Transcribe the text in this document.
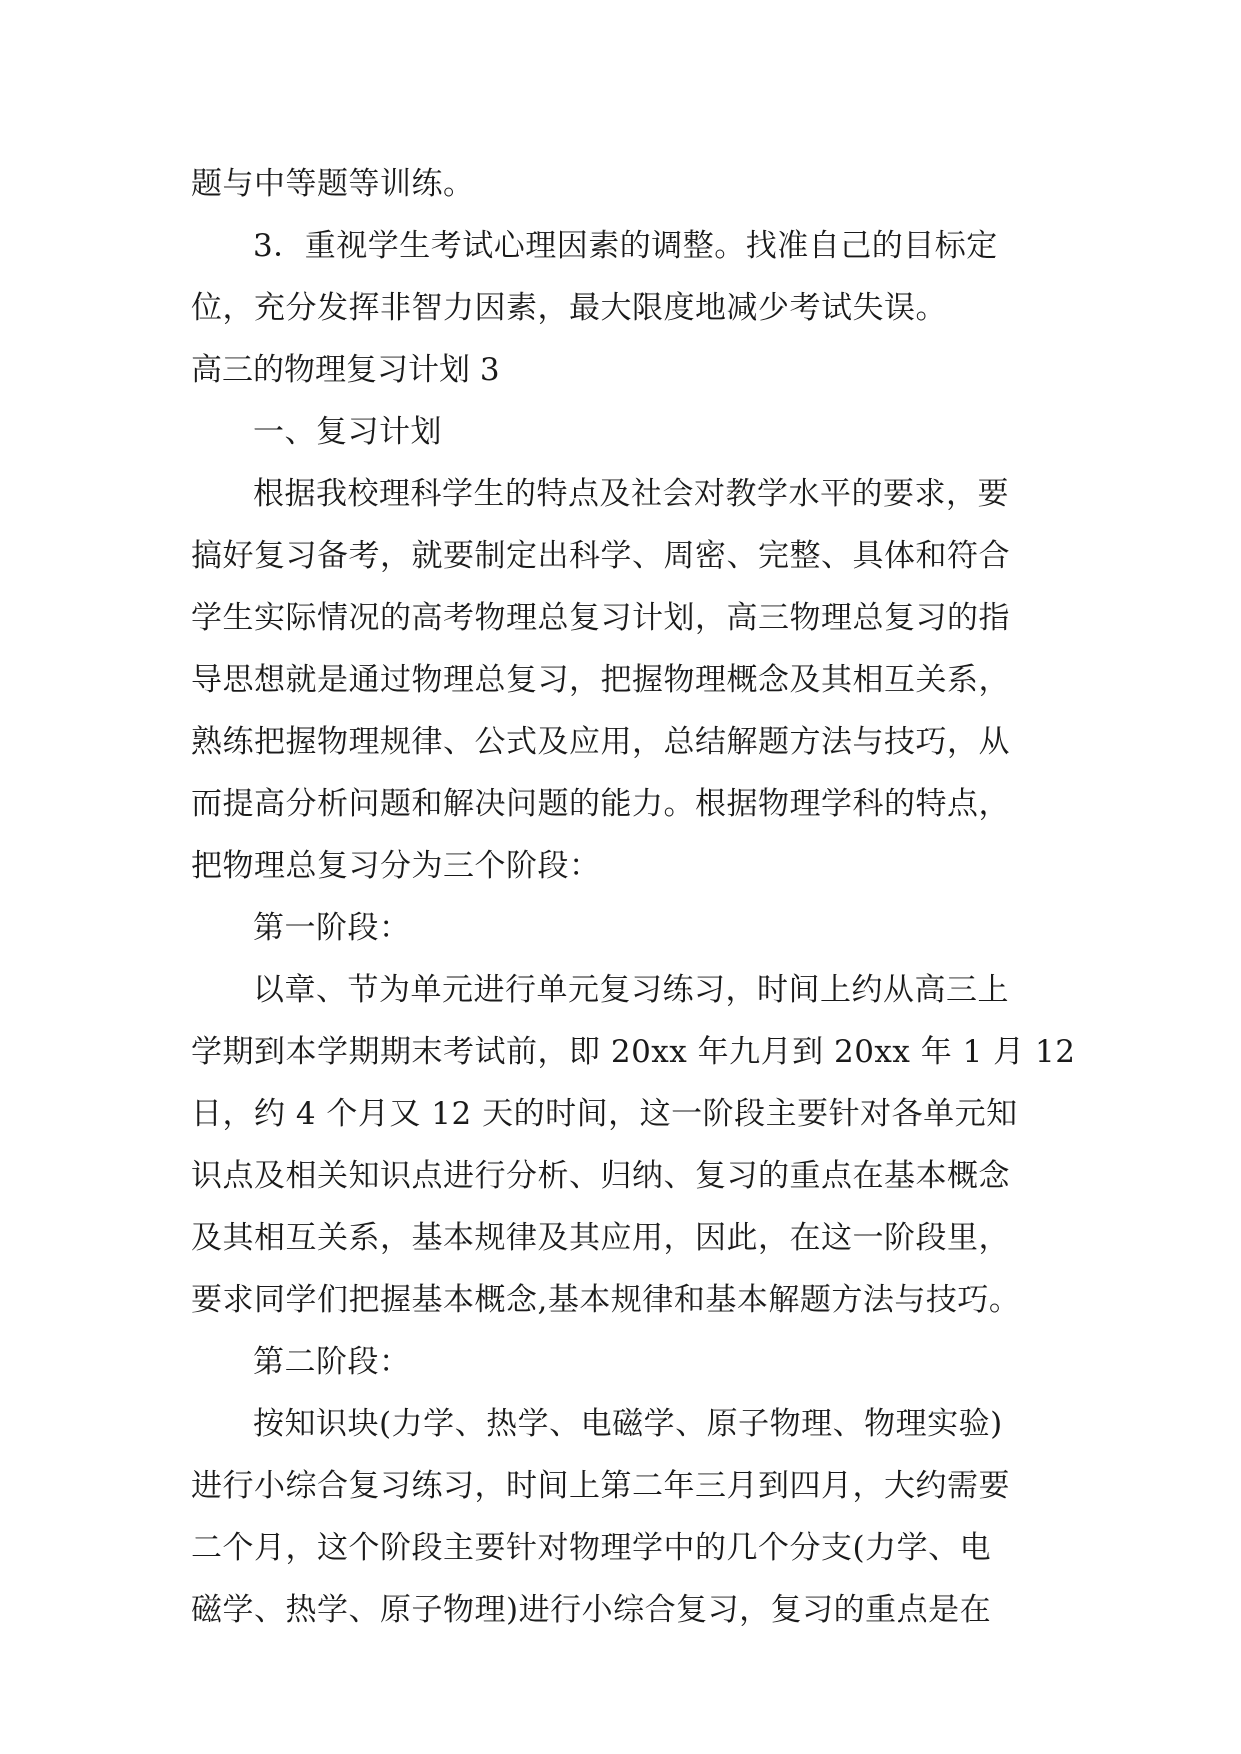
题与中等题等训练。
3．重视学生考试心理因素的调整。找准自己的目标定
位，充分发挥非智力因素，最大限度地减少考试失误。
高三的物理复习计划 3
一、复习计划
根据我校理科学生的特点及社会对教学水平的要求，要
搞好复习备考，就要制定出科学、周密、完整、具体和符合
学生实际情况的高考物理总复习计划，高三物理总复习的指
导思想就是通过物理总复习，把握物理概念及其相互关系，
熟练把握物理规律、公式及应用，总结解题方法与技巧，从
而提高分析问题和解决问题的能力。根据物理学科的特点，
把物理总复习分为三个阶段：
第一阶段：
以章、节为单元进行单元复习练习，时间上约从高三上
学期到本学期期末考试前，即 20xx 年九月到 20xx 年 1 月 12
日，约 4 个月又 12 天的时间，这一阶段主要针对各单元知
识点及相关知识点进行分析、归纳、复习的重点在基本概念
及其相互关系，基本规律及其应用，因此，在这一阶段里，
要求同学们把握基本概念,基本规律和基本解题方法与技巧。
第二阶段：
按知识块(力学、热学、电磁学、原子物理、物理实验)
进行小综合复习练习，时间上第二年三月到四月，大约需要
二个月，这个阶段主要针对物理学中的几个分支(力学、电
磁学、热学、原子物理)进行小综合复习，复习的重点是在
